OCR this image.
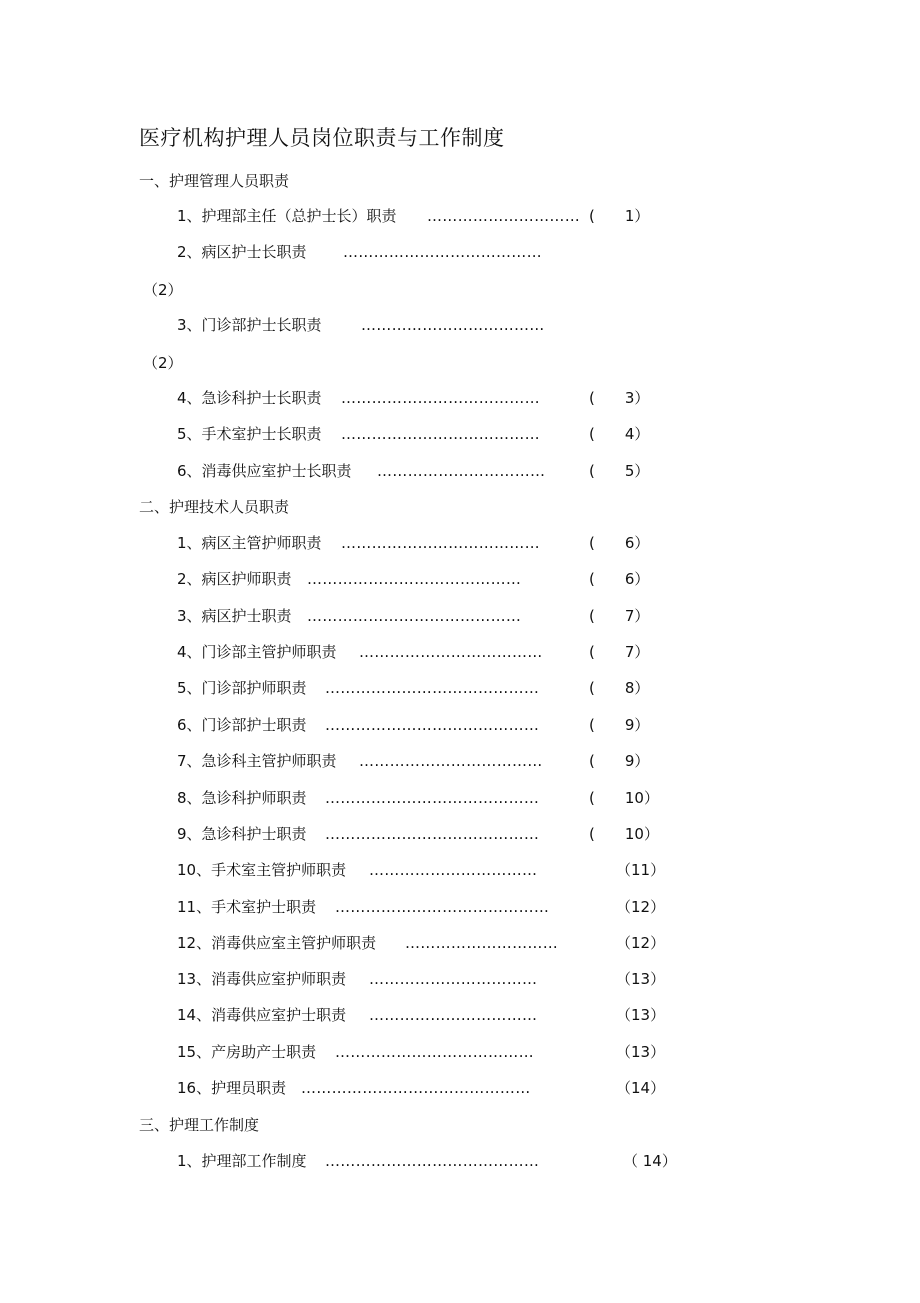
医疗机构护理人员岗位职责与工作制度
一、护理管理人员职责
二、护理技术人员职责
三、护理工作制度
1、护理部主任（总护士长）职责 ………………………… (　　1）
2、病区护士长职责 …………………………………
（2）
3、门诊部护士长职责	………………………………
（2）
4、急诊科护士长职责 …………………………………	(　　3）
5、手术室护士长职责 …………………………………	(　　4）
6、消毒供应室护士长职责 ……………………………	(　　5）
1、病区主管护师职责 …………………………………	(　　6）
2、病区护师职责 ……………………………………	(　　6）
3、病区护士职责 ……………………………………	(　　7）
4、门诊部主管护师职责 ………………………………	(　　7）
5、门诊部护师职责 ……………………………………	(　　8）
6、门诊部护士职责 ……………………………………	(　　9）
7、急诊科主管护师职责 ………………………………	(　　9）
8、急诊科护师职责 ……………………………………	(　　10）
9、急诊科护士职责 ……………………………………	(　　10）
10、手术室主管护师职责 ……………………………	（11）
11、手术室护士职责 ……………………………………	（12）
12、消毒供应室主管护师职责 …………………………	（12）
13、消毒供应室护师职责 ……………………………	（13）
14、消毒供应室护士职责 ……………………………	（13）
15、产房助产士职责 …………………………………	（13）
16、护理员职责 ………………………………………	（14）
1、护理部工作制度 ……………………………………	（ 14）
